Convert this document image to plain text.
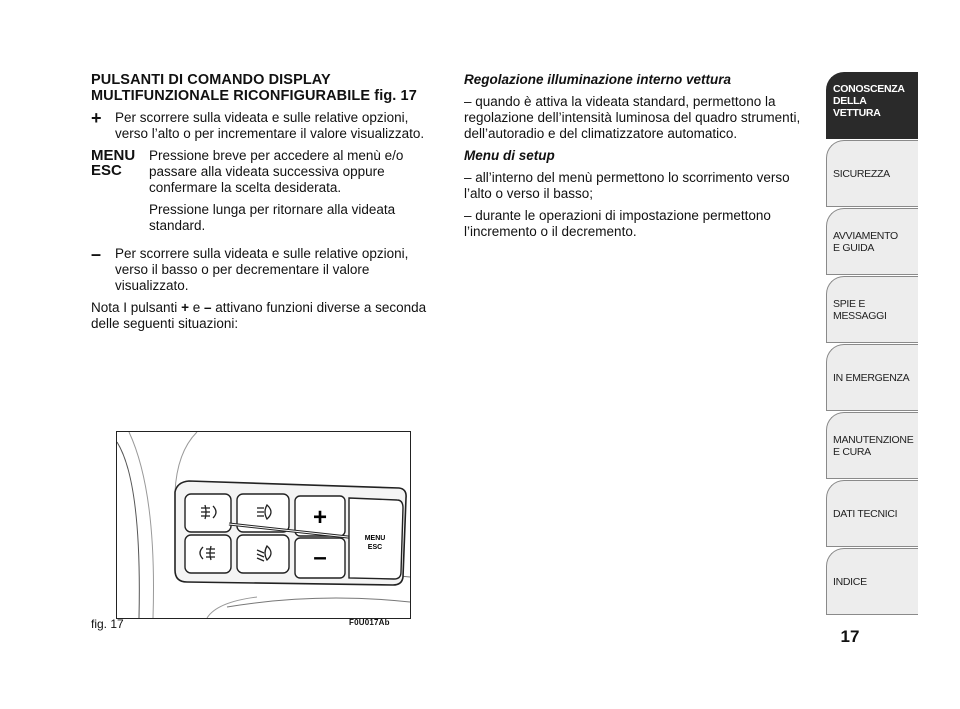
PULSANTI DI COMANDO DISPLAY MULTIFUNZIONALE RICONFIGURABILE fig. 17
+ Per scorrere sulla videata e sulle relative opzioni, verso l’alto o per incrementare il valore visualizzato.
MENU
ESC

Pressione breve per accedere al menù e/o passare alla videata successiva oppure confermare la scelta desiderata.

Pressione lunga per ritornare alla videata standard.

–	Per scorrere sulla videata e sulle relative opzioni, verso il basso o per decrementare il valore visualizzato.

Nota I pulsanti + e – attivano funzioni diverse a seconda delle seguenti situazioni:

Regolazione illuminazione interno vettura

– quando è attiva la videata standard, permettono la regolazione dell’intensità luminosa del quadro strumenti, dell’autoradio e del climatizzatore automatico.

Menu di setup

– all’interno del menù permettono lo scorrimento verso l’alto o verso il basso;

– durante le operazioni di impostazione permettono l’incremento o il decremento.

+
–
MENU
ESC
fig. 17	F0U017Ab
CONOSCENZA
DELLA
VETTURA
SICUREZZA
AVVIAMENTO
E GUIDA
SPIE E
MESSAGGI
IN EMERGENZA
MANUTENZIONE
E CURA
DATI TECNICI
INDICE
17
